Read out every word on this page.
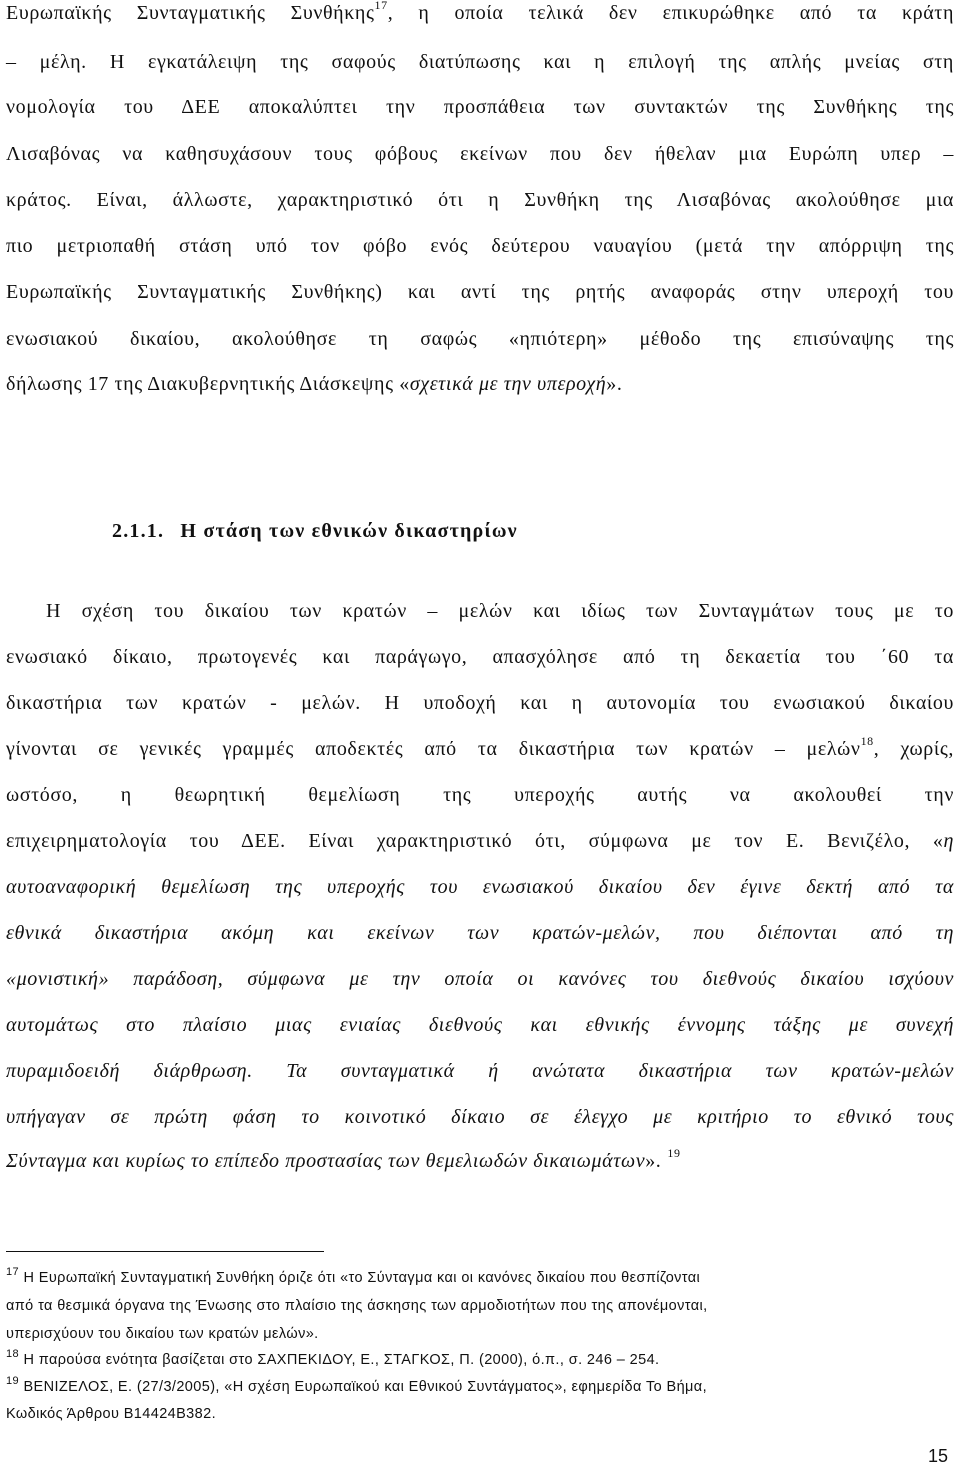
Ευρωπαϊκής Συνταγματικής Συνθήκης$^{17}$, η οποία τελικά δεν επικυρώθηκε από τα κράτη
– μέλη. Η εγκατάλειψη της σαφούς διατύπωσης και η επιλογή της απλής μνείας στη
νομολογία του ΔΕΕ αποκαλύπτει την προσπάθεια των συντακτών της Συνθήκης της
Λισαβόνας να καθησυχάσουν τους φόβους εκείνων που δεν ήθελαν μια Ευρώπη υπερ –
κράτος. Είναι, άλλωστε, χαρακτηριστικό ότι η Συνθήκη της Λισαβόνας ακολούθησε μια
πιο μετριοπαθή στάση υπό τον φόβο ενός δεύτερου ναυαγίου (μετά την απόρριψη της
Ευρωπαϊκής Συνταγματικής Συνθήκης) και αντί της ρητής αναφοράς στην υπεροχή του
ενωσιακού δικαίου, ακολούθησε τη σαφώς «ηπιότερη» μέθοδο της επισύναψης της
δήλωσης 17 της Διακυβερνητικής Διάσκεψης «σχετικά με την υπεροχή».
2.1.1. Η στάση των εθνικών δικαστηρίων
Η σχέση του δικαίου των κρατών – μελών και ιδίως των Συνταγμάτων τους με το
ενωσιακό δίκαιο, πρωτογενές και παράγωγο, απασχόλησε από τη δεκαετία του ΄60 τα
δικαστήρια των κρατών - μελών. Η υποδοχή και η αυτονομία του ενωσιακού δικαίου
γίνονται σε γενικές γραμμές αποδεκτές από τα δικαστήρια των κρατών – μελών$^{18}$, χωρίς,
ωστόσο, η θεωρητική θεμελίωση της υπεροχής αυτής να ακολουθεί την
επιχειρηματολογία του ΔΕΕ. Είναι χαρακτηριστικό ότι, σύμφωνα με τον Ε. Βενιζέλο, «η
αυτοαναφορική θεμελίωση της υπεροχής του ενωσιακού δικαίου δεν έγινε δεκτή από τα
εθνικά δικαστήρια ακόμη και εκείνων των κρατών-μελών, που διέπονται από τη
«μονιστική» παράδοση, σύμφωνα με την οποία οι κανόνες του διεθνούς δικαίου ισχύουν
αυτομάτως στο πλαίσιο μιας ενιαίας διεθνούς και εθνικής έννομης τάξης με συνεχή
πυραμιδοειδή διάρθρωση. Τα συνταγματικά ή ανώτατα δικαστήρια των κρατών-μελών
υπήγαγαν σε πρώτη φάση το κοινοτικό δίκαιο σε έλεγχο με κριτήριο το εθνικό τους
Σύνταγμα και κυρίως το επίπεδο προστασίας των θεμελιωδών δικαιωμάτων». $^{19}$
$^{17}$ Η Ευρωπαϊκή Συνταγματική Συνθήκη όριζε ότι «το Σύνταγμα και οι κανόνες δικαίου που θεσπίζονται
από τα θεσμικά όργανα της Ένωσης στο πλαίσιο της άσκησης των αρμοδιοτήτων που της απονέμονται,
υπερισχύουν του δικαίου των κρατών μελών».
$^{18}$ Η παρούσα ενότητα βασίζεται στο ΣΑΧΠΕΚΙΔΟΥ, Ε., ΣΤΑΓΚΟΣ, Π. (2000), ό.π., σ. 246 – 254.
$^{19}$ ΒΕΝΙΖΕΛΟΣ, Ε. (27/3/2005), «Η σχέση Ευρωπαϊκού και Εθνικού Συντάγματος», εφημερίδα Το Βήμα,
Κωδικός Άρθρου B14424B382.
15
